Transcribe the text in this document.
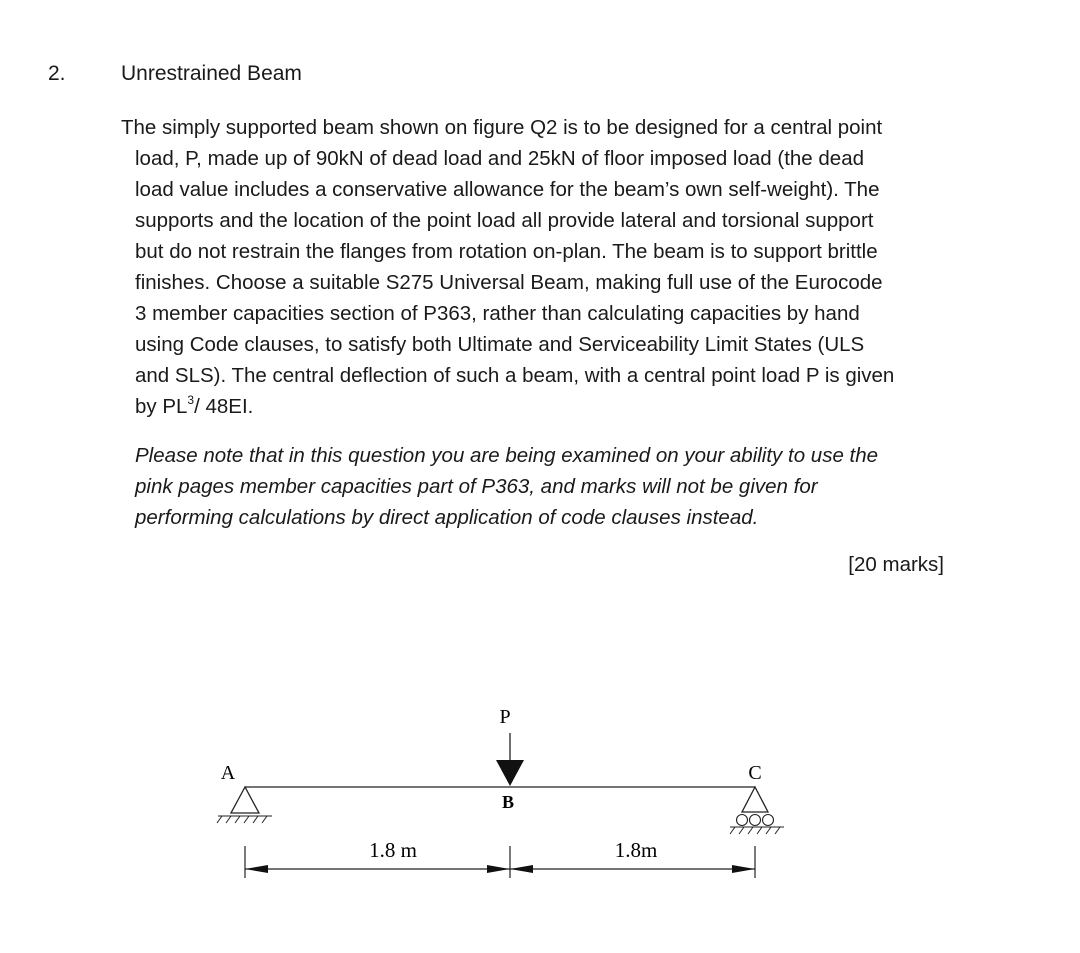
2.	Unrestrained Beam
The simply supported beam shown on figure Q2 is to be designed for a central point
load, P, made up of 90kN of dead load and 25kN of floor imposed load (the dead
load value includes a conservative allowance for the beam’s own self-weight). The
supports and the location of the point load all provide lateral and torsional support
but do not restrain the flanges from rotation on-plan. The beam is to support brittle
finishes. Choose a suitable S275 Universal Beam, making full use of the Eurocode
3 member capacities section of P363, rather than calculating capacities by hand
using Code clauses, to satisfy both Ultimate and Serviceability Limit States (ULS
and SLS). The central deflection of such a beam, with a central point load P is given
by $PL^3/$ 48EI.
Please note that in this question you are being examined on your ability to use the
pink pages member capacities part of P363, and marks will not be given for
performing calculations by direct application of code clauses instead.
[20 marks]
P
A
B
C
1.8 m	1.8m
